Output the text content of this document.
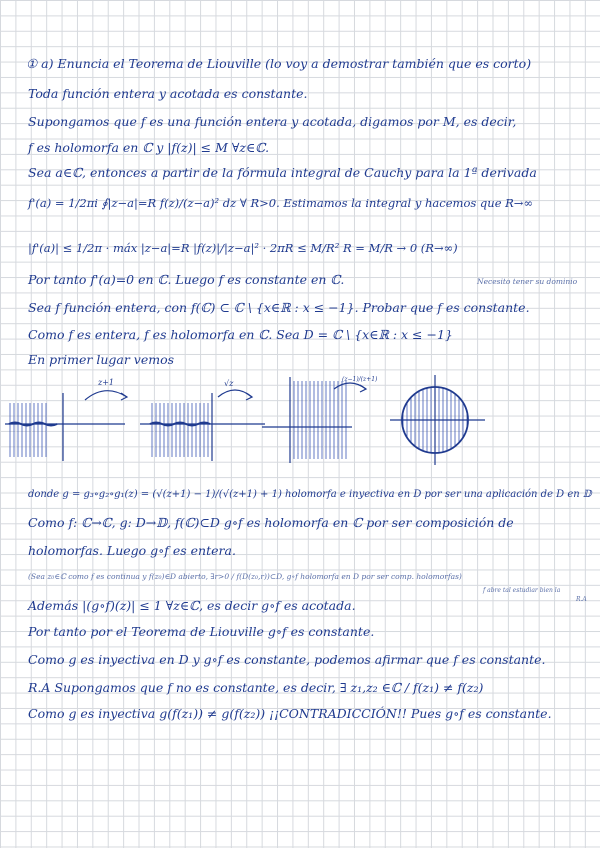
① a) Enuncia el Teorema de Liouville (lo voy a demostrar también que es corto)
Toda función entera y acotada es constante.
Supongamos que f es una función entera y acotada, digamos por M, es decir,
f es holomorfa en ℂ y |f(z)| ≤ M ∀z∈ℂ.
Sea a∈ℂ, entonces a partir de la fórmula integral de Cauchy para la 1ª derivada
f'(a) = 1/2πi ∮|z−a|=R f(z)/(z−a)² dz ∀ R>0. Estimamos la integral y hacemos que R→∞
|f'(a)| ≤ 1/2π · máx |z−a|=R |f(z)|/|z−a|² · 2πR ≤ M/R² R = M/R → 0 (R→∞)
Por tanto f'(a)=0 en ℂ. Luego f es constante en ℂ.	Necesito tener su dominio
Sea f función entera, con f(ℂ) ⊂ ℂ \ {x∈ℝ : x ≤ −1}. Probar que f es constante.
Como f es entera, f es holomorfa en ℂ. Sea D = ℂ \ {x∈ℝ : x ≤ −1}
En primer lugar vemos
z+1	√z	(z−1)/(z+1)
donde g = g₃∘g₂∘g₁(z) = (√(z+1) − 1)/(√(z+1) + 1) holomorfa e inyectiva en D por ser una aplicación de D en 𝔻
Como f: ℂ→ℂ, g: D→𝔻, f(ℂ)⊂D g∘f es holomorfa en ℂ por ser composición de
holomorfas. Luego g∘f es entera.
(Sea z₀∈ℂ como f es continua y f(z₀)∈D abierto, ∃r>0 / f(D(z₀,r))⊂D, g∘f holomorfa en D por ser comp. holomorfas)
f abre tal estudiar bien la
R.A
Además |(g∘f)(z)| ≤ 1 ∀z∈ℂ, es decir g∘f es acotada.
Por tanto por el Teorema de Liouville g∘f es constante.
Como g es inyectiva en D y g∘f es constante, podemos afirmar que f es constante.
R.A Supongamos que f no es constante, es decir, ∃ z₁,z₂ ∈ℂ / f(z₁) ≠ f(z₂)
Como g es inyectiva g(f(z₁)) ≠ g(f(z₂)) ¡¡CONTRADICCIÓN!! Pues g∘f es constante.
